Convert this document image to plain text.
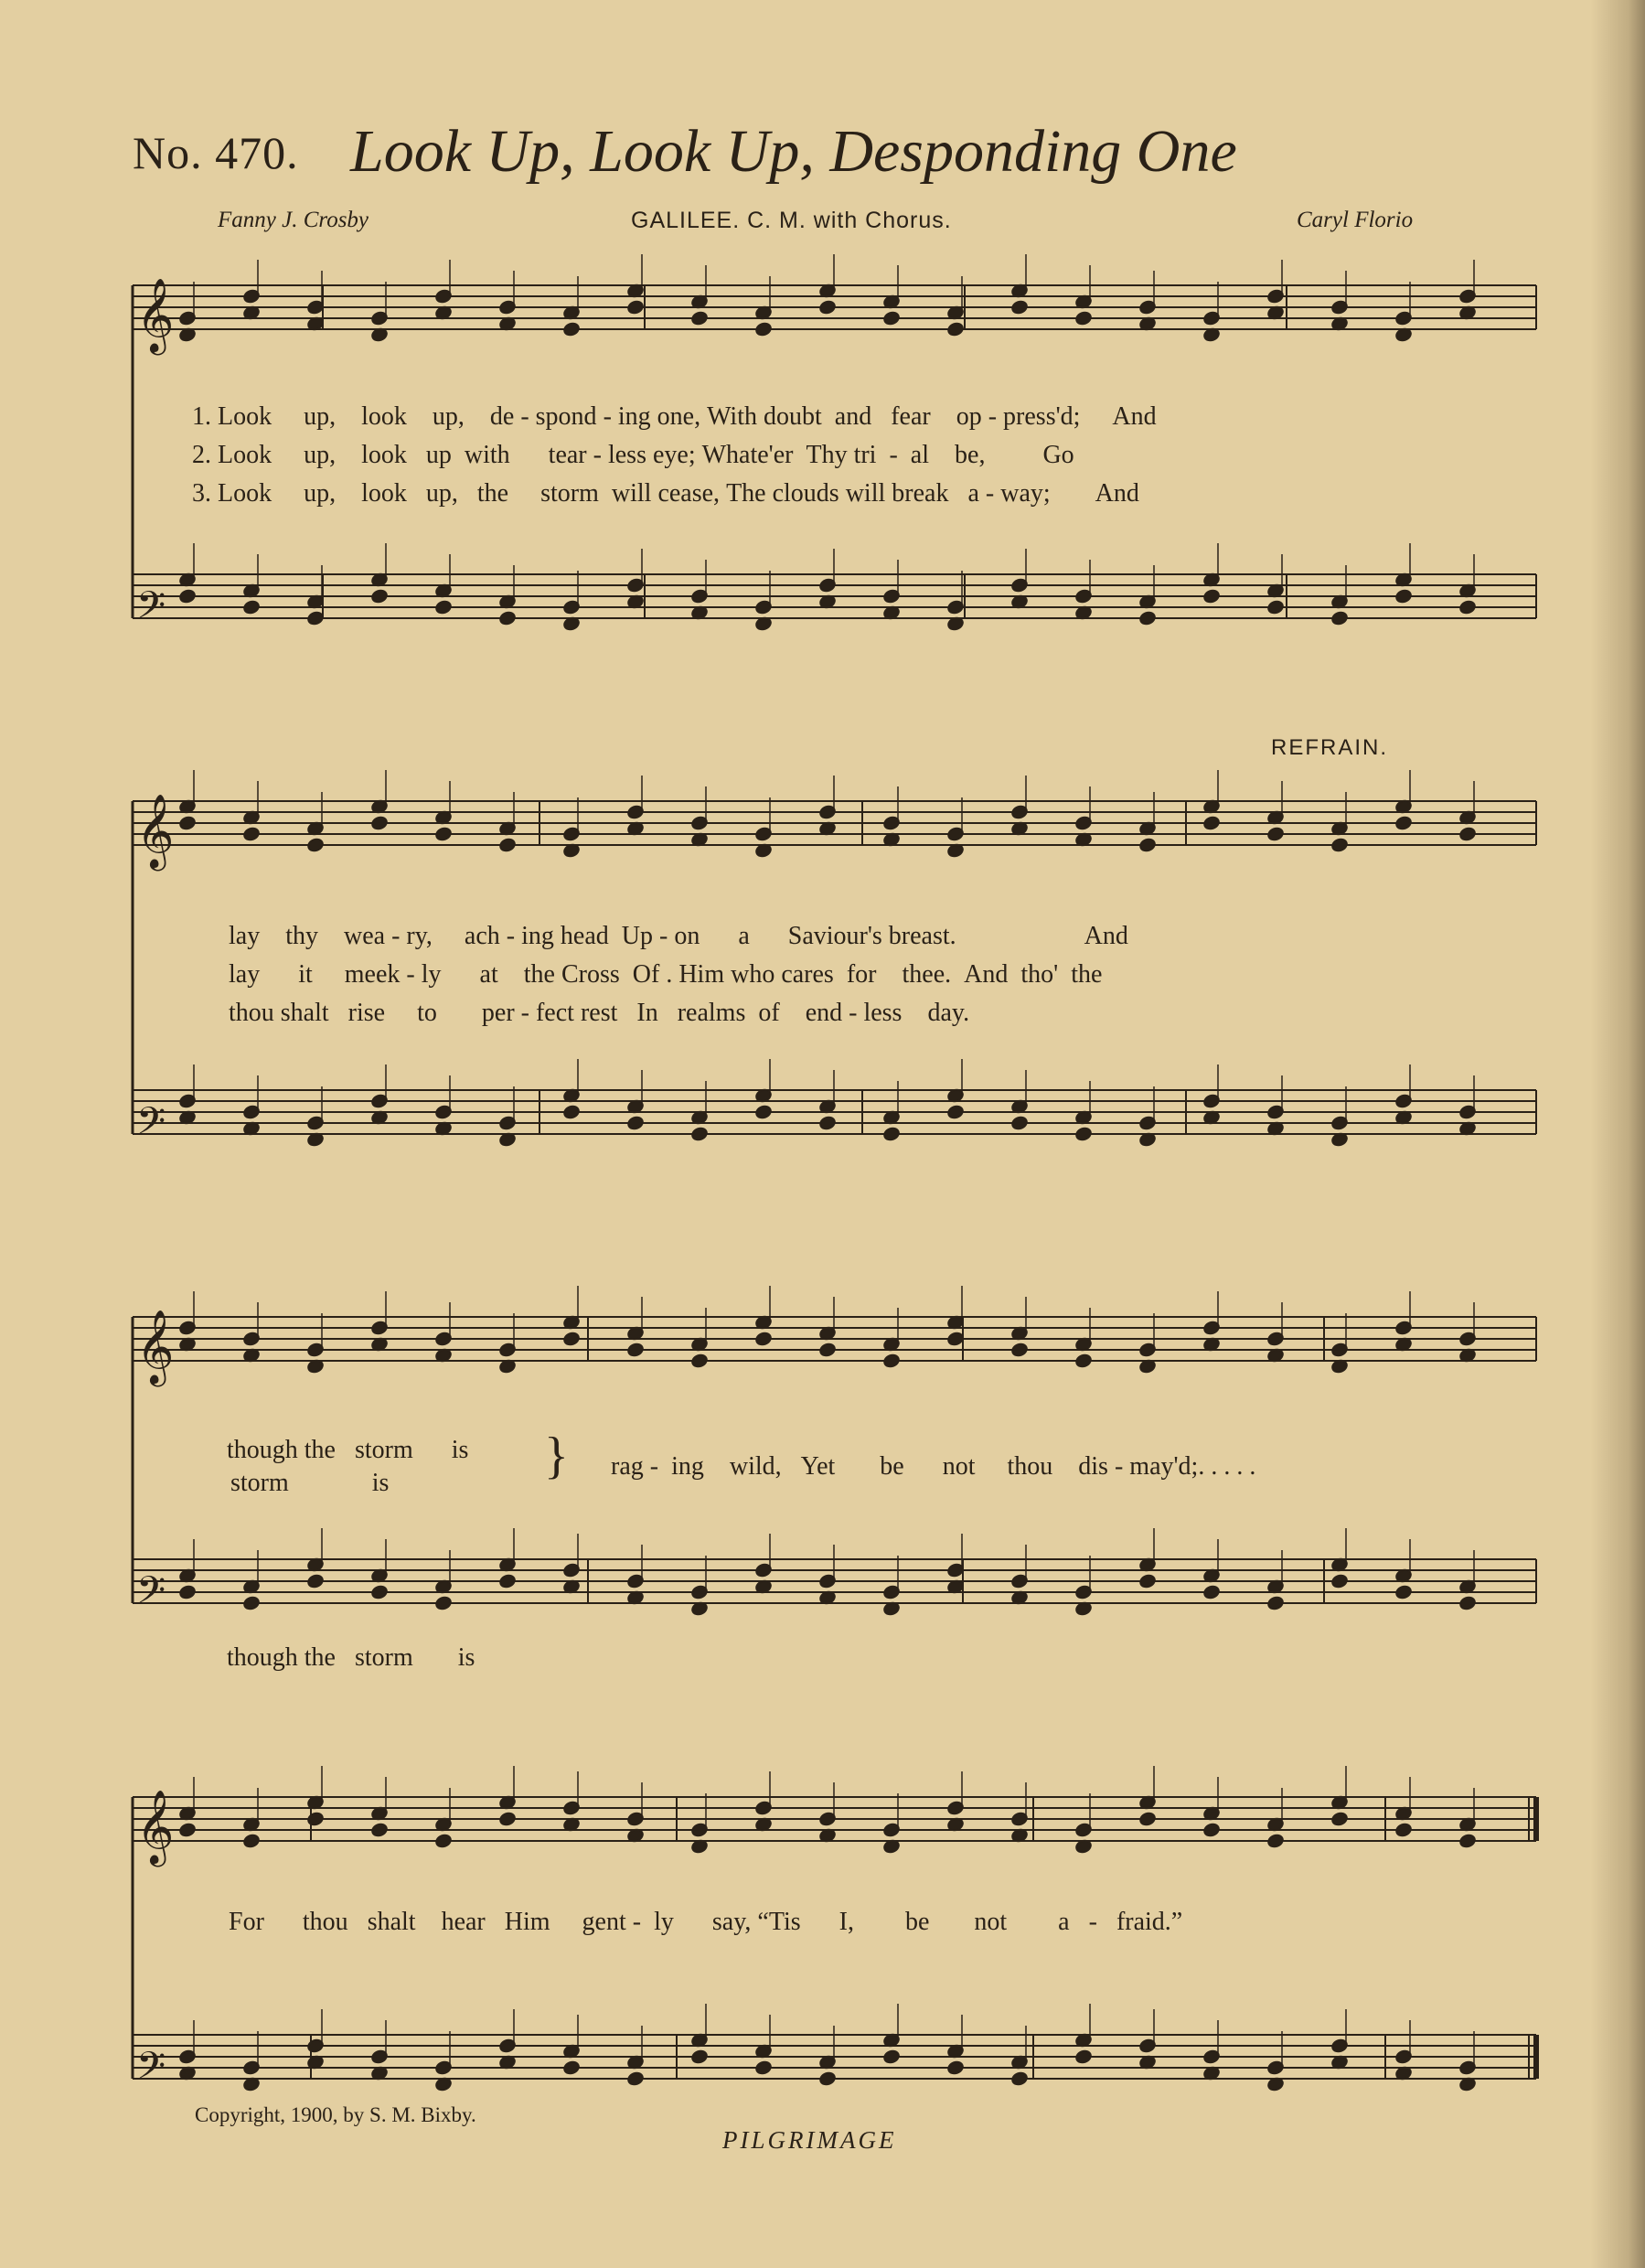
No. 470. Look Up, Look Up, Desponding One
Fanny J. Crosby	GALILEE. C. M. with Chorus.	Caryl Florio
REFRAIN.
𝄞
𝄢
𝄞
𝄢
𝄞
𝄢
𝄞
𝄢
1. Look up, look up, de - spond - ing one, With doubt and fear op - press'd; And
2. Look up, look up with tear - less eye; Whate'er Thy tri - al be, Go
3. Look up, look up, the storm will cease, The clouds will break a - way; And
lay thy wea - ry, ach - ing head Up - on a Saviour's breast.	And
lay it meek - ly at the Cross Of . Him who cares for thee. And tho' the
thou shalt rise to per - fect rest In realms of end - less day.
though the storm is
storm	is	} rag - ing wild, Yet be not thou dis - may'd;. . . . .
though the storm is
For thou shalt hear Him gent - ly say, “Tis I, be not a - fraid.”
Copyright, 1900, by S. M. Bixby.
PILGRIMAGE
